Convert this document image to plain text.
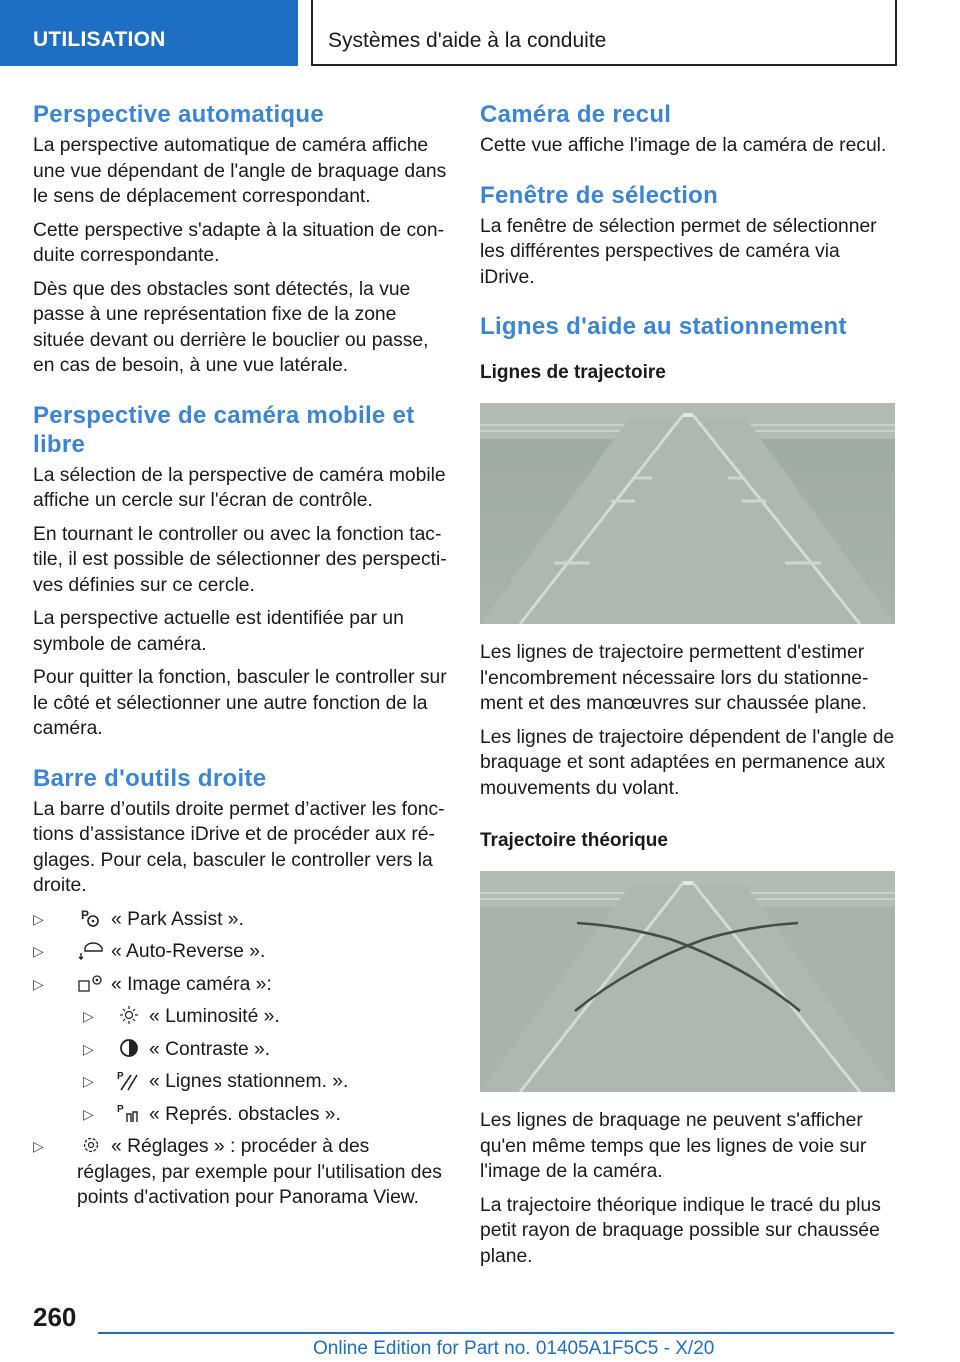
UTILISATION	Systèmes d'aide à la conduite
Perspective automatique

La perspective automatique de caméra affiche une vue dépendant de l'angle de braquage dans le sens de déplacement correspondant.

Cette perspective s'adapte à la situation de conduite correspondante.

Dès que des obstacles sont détectés, la vue passe à une représentation fixe de la zone située devant ou derrière le bouclier ou passe, en cas de besoin, à une vue latérale.

Perspective de caméra mobile et libre

La sélection de la perspective de caméra mobile affiche un cercle sur l'écran de contrôle.

En tournant le controller ou avec la fonction tactile, il est possible de sélectionner des perspectives définies sur ce cercle.

La perspective actuelle est identifiée par un symbole de caméra.

Pour quitter la fonction, basculer le controller sur le côté et sélectionner une autre fonction de la caméra.

Barre d'outils droite

La barre d’outils droite permet d’activer les fonctions d’assistance iDrive et de procéder aux réglages. Pour cela, basculer le controller vers la droite.

▷	P « Park Assist ».
▷	« Auto-Reverse ».
▷	« Image caméra »:
▷	« Luminosité ».
▷	« Contraste ».
▷ P « Lignes stationnem. ».
▷ P « Représ. obstacles ».
▷	« Réglages » : procéder à des réglages, par exemple pour l'utilisation des points d'activation pour Panorama View.
Caméra de recul

Cette vue affiche l'image de la caméra de recul.

Fenêtre de sélection

La fenêtre de sélection permet de sélectionner les différentes perspectives de caméra via iDrive.

Lignes d'aide au stationnement
Lignes de trajectoire

Les lignes de trajectoire permettent d'estimer l'encombrement nécessaire lors du stationnement et des manœuvres sur chaussée plane.

Les lignes de trajectoire dépendent de l'angle de braquage et sont adaptées en permanence aux mouvements du volant.

Trajectoire théorique

Les lignes de braquage ne peuvent s'afficher qu'en même temps que les lignes de voie sur l'image de la caméra.

La trajectoire théorique indique le tracé du plus petit rayon de braquage possible sur chaussée plane.

260
Online Edition for Part no. 01405A1F5C5 - X/20
